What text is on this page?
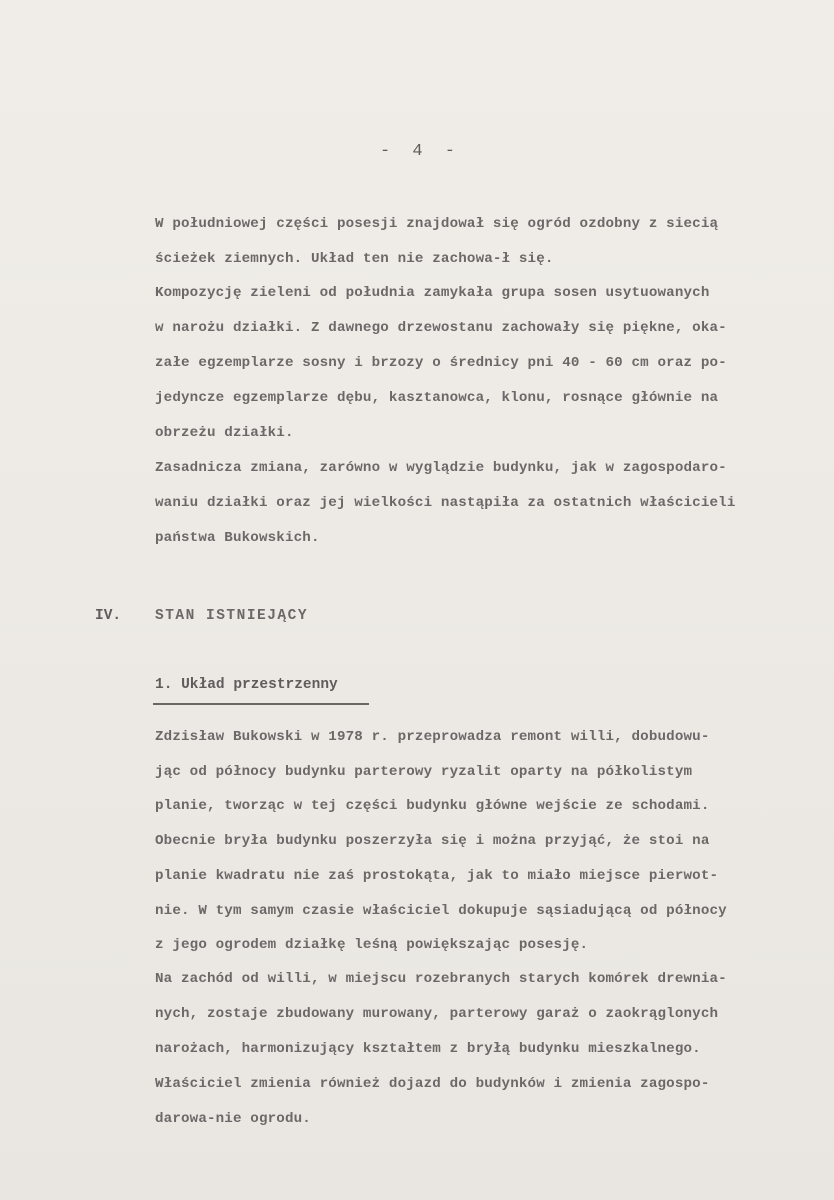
- 4 -
W południowej części posesji znajdował się ogród ozdobny z siecią
ścieżek ziemnych. Układ ten nie zachowa-ł się.
Kompozycję zieleni od południa zamykała grupa sosen usytuowanych
w narożu działki. Z dawnego drzewostanu zachowały się piękne, oka-
załe egzemplarze sosny i brzozy o średnicy pni 40 - 60 cm oraz po-
jedyncze egzemplarze dębu, kasztanowca, klonu, rosnące głównie na
obrzeżu działki.
Zasadnicza zmiana, zarówno w wyglądzie budynku, jak w zagospodaro-
waniu działki oraz jej wielkości nastąpiła za ostatnich właścicieli
państwa Bukowskich.
IV. STAN ISTNIEJĄCY
1. Układ przestrzenny
Zdzisław Bukowski w 1978 r. przeprowadza remont willi, dobudowu-
jąc od północy budynku parterowy ryzalit oparty na półkolistym
planie, tworząc w tej części budynku główne wejście ze schodami.
Obecnie bryła budynku poszerzyła się i można przyjąć, że stoi na
planie kwadratu nie zaś prostokąta, jak to miało miejsce pierwot-
nie. W tym samym czasie właściciel dokupuje sąsiadującą od północy
z jego ogrodem działkę leśną powiększając posesję.
Na zachód od willi, w miejscu rozebranych starych komórek drewnia-
nych, zostaje zbudowany murowany, parterowy garaż o zaokrąglonych
narożach, harmonizujący kształtem z bryłą budynku mieszkalnego.
Właściciel zmienia również dojazd do budynków i zmienia zagospo-
darowa-nie ogrodu.
